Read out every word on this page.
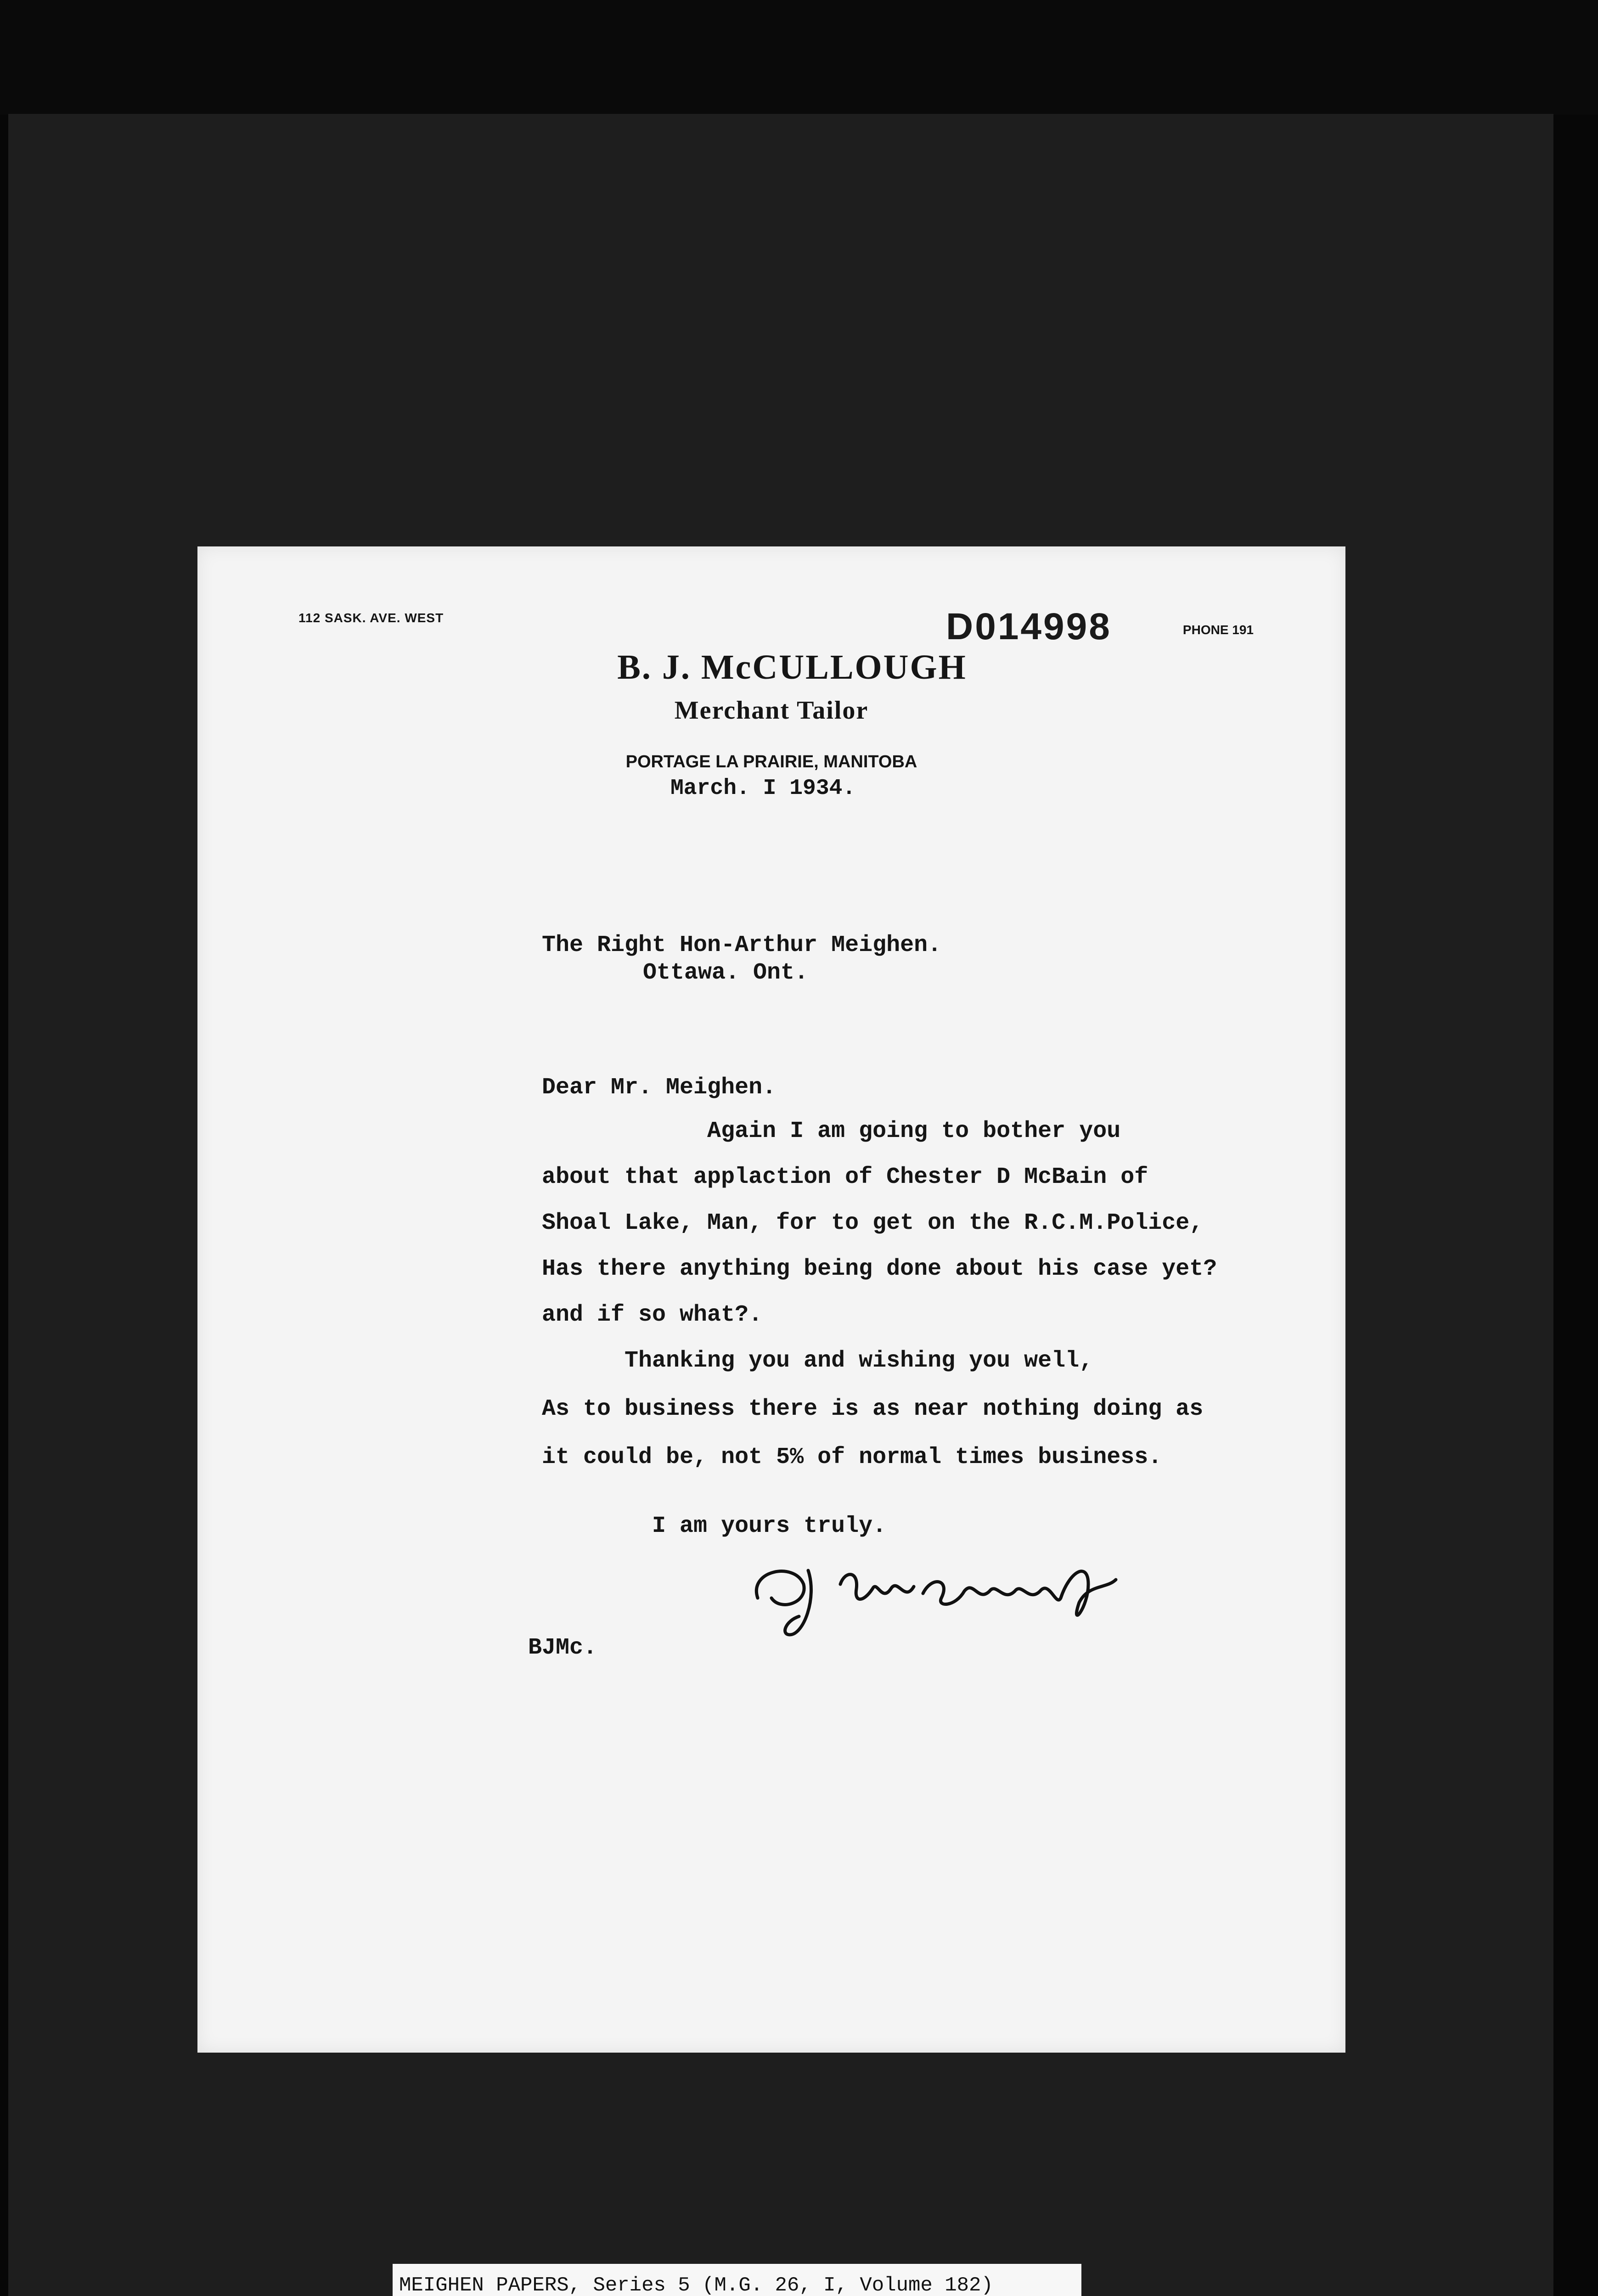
112 SASK. AVE. WEST
PHONE 191
D014998
B. J. McCULLOUGH
Merchant Tailor
PORTAGE LA PRAIRIE, MANITOBA
March. I 1934.
The Right Hon-Arthur Meighen.
Ottawa. Ont.
Dear Mr. Meighen.
Again I am going to bother you
about that applaction of Chester D McBain of
Shoal Lake, Man, for to get on the R.C.M.Police,
Has there anything being done about his case yet?
and if so what?.
Thanking you and wishing you well,
As to business there is as near nothing doing as
it could be, not 5% of normal times business.
I am yours truly.
BJMc.
MEIGHEN PAPERS, Series 5 (M.G. 26, I, Volume 182)
